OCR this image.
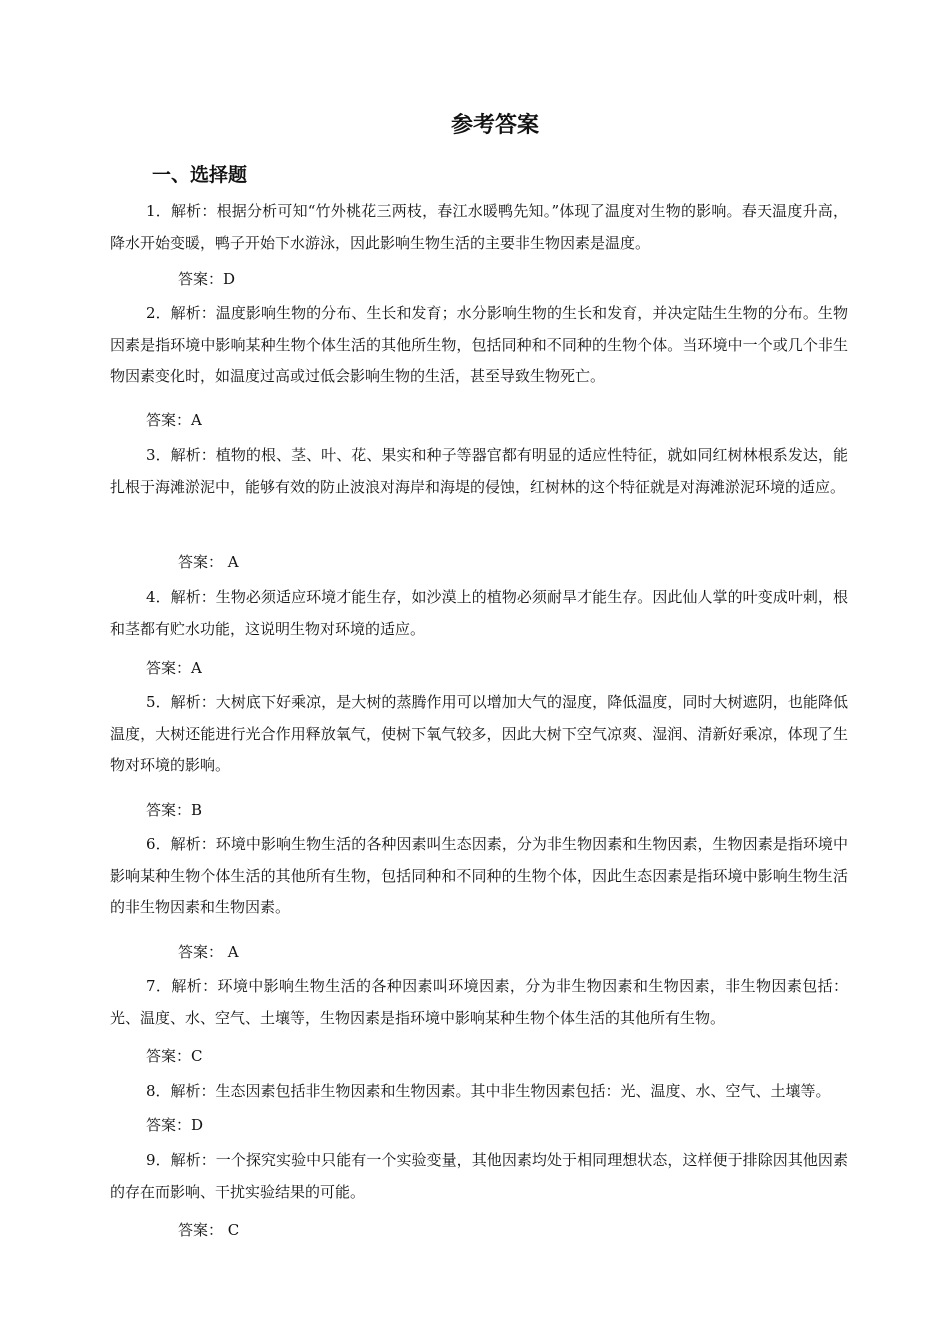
参考答案
一、选择题
1．解析：根据分析可知“竹外桃花三两枝，春江水暖鸭先知。”体现了温度对生物的影响。春天温度升高，降水开始变暖，鸭子开始下水游泳，因此影响生物生活的主要非生物因素是温度。
答案：D
2．解析：温度影响生物的分布、生长和发育；水分影响生物的生长和发育，并决定陆生生物的分布。生物因素是指环境中影响某种生物个体生活的其他所生物，包括同种和不同种的生物个体。当环境中一个或几个非生物因素变化时，如温度过高或过低会影响生物的生活，甚至导致生物死亡。
答案：A
3．解析：植物的根、茎、叶、花、果实和种子等器官都有明显的适应性特征，就如同红树林根系发达，能扎根于海滩淤泥中，能够有效的防止波浪对海岸和海堤的侵蚀，红树林的这个特征就是对海滩淤泥环境的适应。
答案： A
4．解析：生物必须适应环境才能生存，如沙漠上的植物必须耐旱才能生存。因此仙人掌的叶变成叶刺，根和茎都有贮水功能，这说明生物对环境的适应。
答案：A
5．解析：大树底下好乘凉，是大树的蒸腾作用可以增加大气的湿度，降低温度，同时大树遮阴，也能降低温度，大树还能进行光合作用释放氧气，使树下氧气较多，因此大树下空气凉爽、湿润、清新好乘凉，体现了生物对环境的影响。
答案：B
6．解析：环境中影响生物生活的各种因素叫生态因素，分为非生物因素和生物因素，生物因素是指环境中影响某种生物个体生活的其他所有生物，包括同种和不同种的生物个体，因此生态因素是指环境中影响生物生活的非生物因素和生物因素。
答案： A
7．解析：环境中影响生物生活的各种因素叫环境因素，分为非生物因素和生物因素，非生物因素包括：光、温度、水、空气、土壤等，生物因素是指环境中影响某种生物个体生活的其他所有生物。
答案：C
8．解析：生态因素包括非生物因素和生物因素。其中非生物因素包括：光、温度、水、空气、土壤等。
答案：D
9．解析：一个探究实验中只能有一个实验变量，其他因素均处于相同理想状态，这样便于排除因其他因素的存在而影响、干扰实验结果的可能。
答案： C
